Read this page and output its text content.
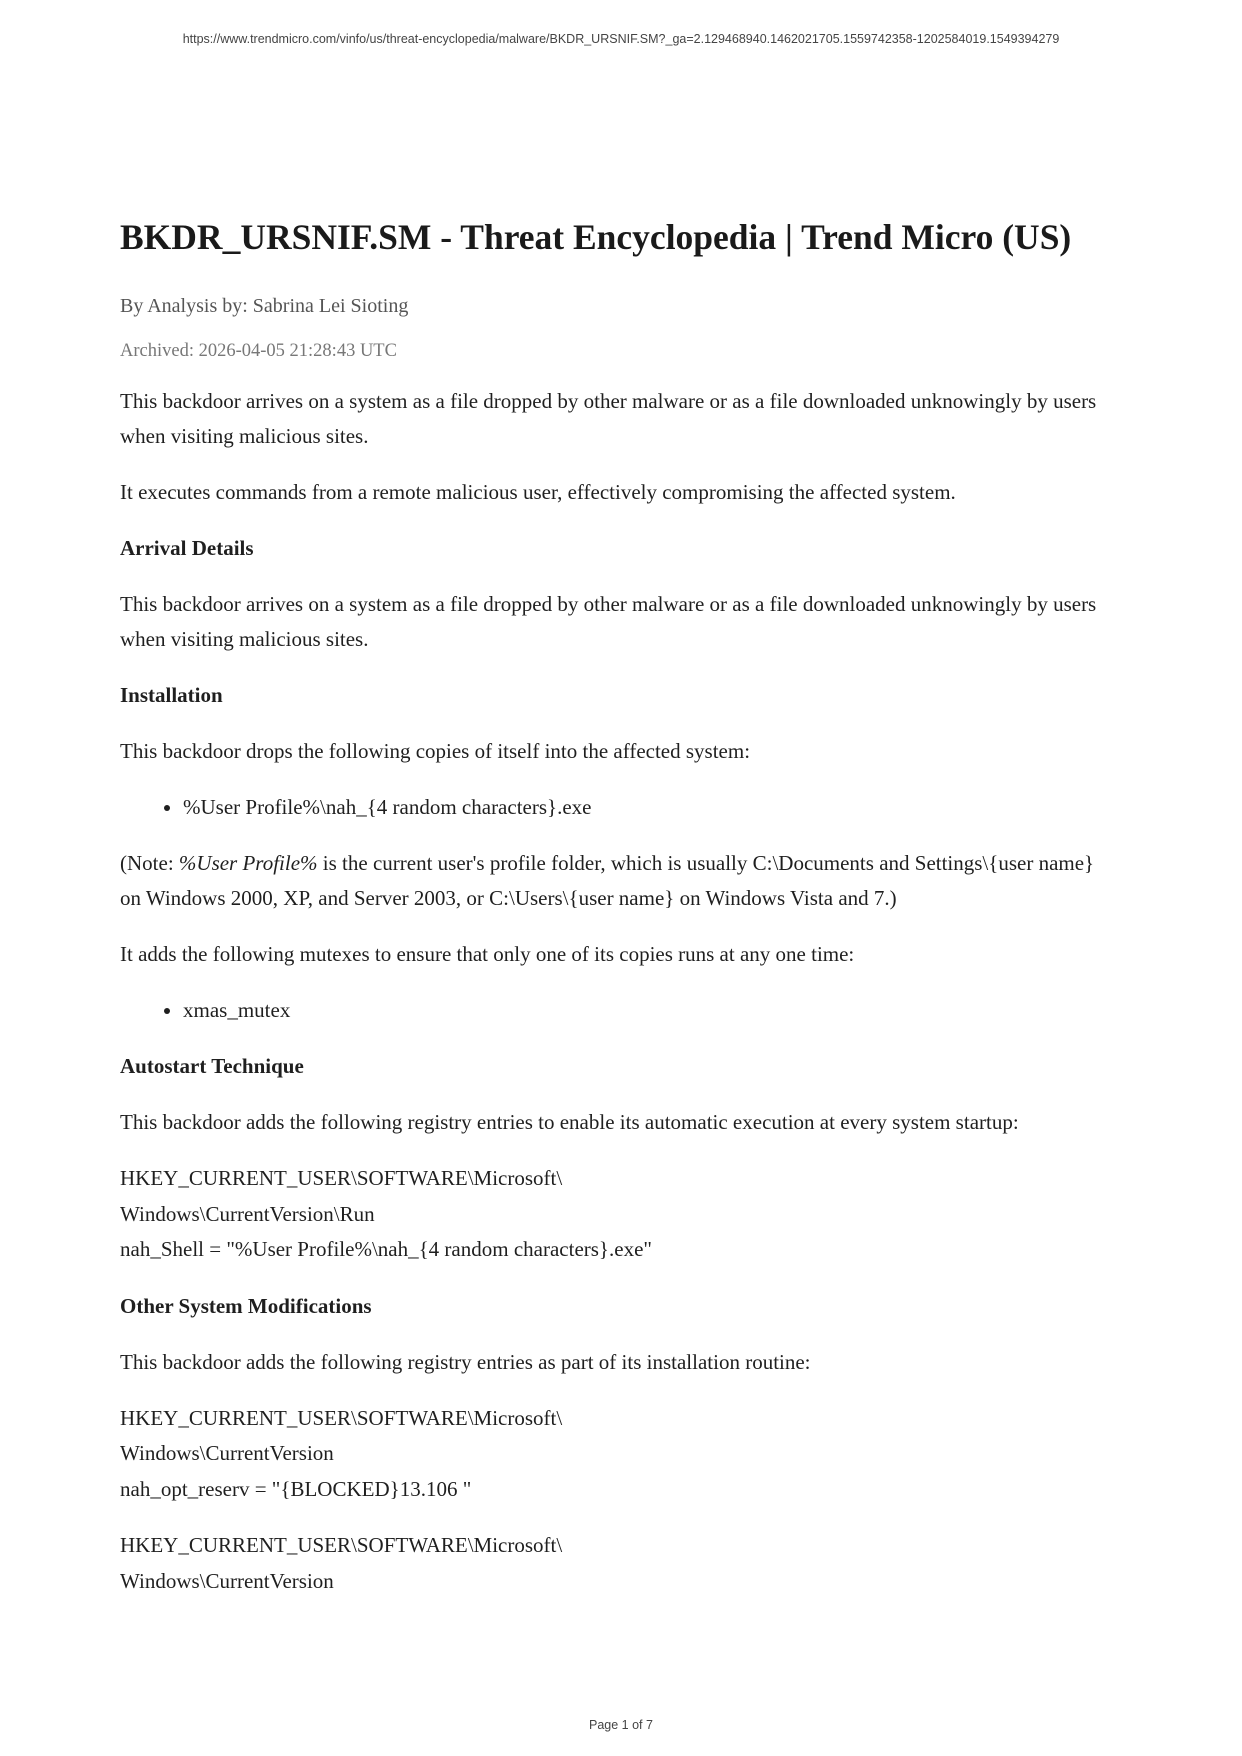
https://www.trendmicro.com/vinfo/us/threat-encyclopedia/malware/BKDR_URSNIF.SM?_ga=2.129468940.1462021705.1559742358-1202584019.1549394279
BKDR_URSNIF.SM - Threat Encyclopedia | Trend Micro (US)
By Analysis by: Sabrina Lei Sioting
Archived: 2026-04-05 21:28:43 UTC

This backdoor arrives on a system as a file dropped by other malware or as a file downloaded unknowingly by users when visiting malicious sites.

It executes commands from a remote malicious user, effectively compromising the affected system.

Arrival Details

This backdoor arrives on a system as a file dropped by other malware or as a file downloaded unknowingly by users when visiting malicious sites.

Installation

This backdoor drops the following copies of itself into the affected system:

• %User Profile%\nah_{4 random characters}.exe

(Note: %User Profile% is the current user's profile folder, which is usually C:\Documents and Settings\{user name} on Windows 2000, XP, and Server 2003, or C:\Users\{user name} on Windows Vista and 7.)

It adds the following mutexes to ensure that only one of its copies runs at any one time:

• xmas_mutex
Autostart Technique

This backdoor adds the following registry entries to enable its automatic execution at every system startup:

HKEY_CURRENT_USER\SOFTWARE\Microsoft\
Windows\CurrentVersion\Run
nah_Shell = "%User Profile%\nah_{4 random characters}.exe"
Other System Modifications

This backdoor adds the following registry entries as part of its installation routine:

HKEY_CURRENT_USER\SOFTWARE\Microsoft\
Windows\CurrentVersion
nah_opt_reserv = "{BLOCKED}13.106 "
HKEY_CURRENT_USER\SOFTWARE\Microsoft\
Windows\CurrentVersion
Page 1 of 7
